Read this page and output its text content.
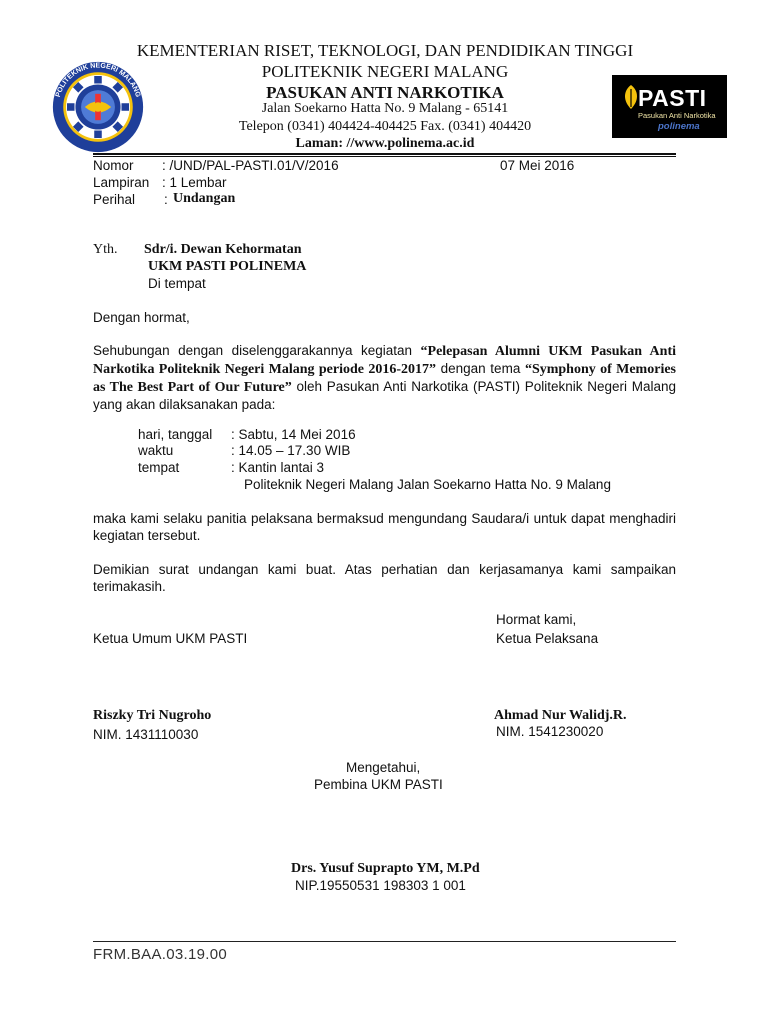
POLITEKNIK NEGERI MALANG
KEMENTERIAN RISET, TEKNOLOGI, DAN PENDIDIKAN TINGGI
POLITEKNIK NEGERI MALANG
PASUKAN ANTI NARKOTIKA
Jalan Soekarno Hatta No. 9 Malang - 65141
Telepon (0341) 404424-404425 Fax. (0341) 404420
Laman: //www.polinema.ac.id
PASTI
Pasukan Anti Narkotika
polinema
Nomor : /UND/PAL-PASTI.01/V/2016	07 Mei 2016
Lampiran : 1 Lembar
Perihal : Undangan
Yth. Sdr/i. Dewan Kehormatan
UKM PASTI POLINEMA
Di tempat
Dengan hormat,

Sehubungan dengan diselenggarakannya kegiatan “Pelepasan Alumni UKM Pasukan Anti Narkotika Politeknik Negeri Malang periode 2016-2017” dengan tema “Symphony of Memories as The Best Part of Our Future” oleh Pasukan Anti Narkotika (PASTI) Politeknik Negeri Malang yang akan dilaksanakan pada:

hari, tanggal : Sabtu, 14 Mei 2016
waktu	: 14.05 – 17.30 WIB
tempat	: Kantin lantai 3
Politeknik Negeri Malang Jalan Soekarno Hatta No. 9 Malang

maka kami selaku panitia pelaksana bermaksud mengundang Saudara/i untuk dapat menghadiri kegiatan tersebut.

Demikian surat undangan kami buat. Atas perhatian dan kerjasamanya kami sampaikan terimakasih.

Hormat kami,
Ketua Umum UKM PASTI	Ketua Pelaksana
Riszky Tri Nugroho
NIM. 1431110030
Ahmad Nur Walidj.R.
NIM. 1541230020
Mengetahui,
Pembina UKM PASTI
Drs. Yusuf Suprapto YM, M.Pd
NIP.19550531 198303 1 001
FRM.BAA.03.19.00
